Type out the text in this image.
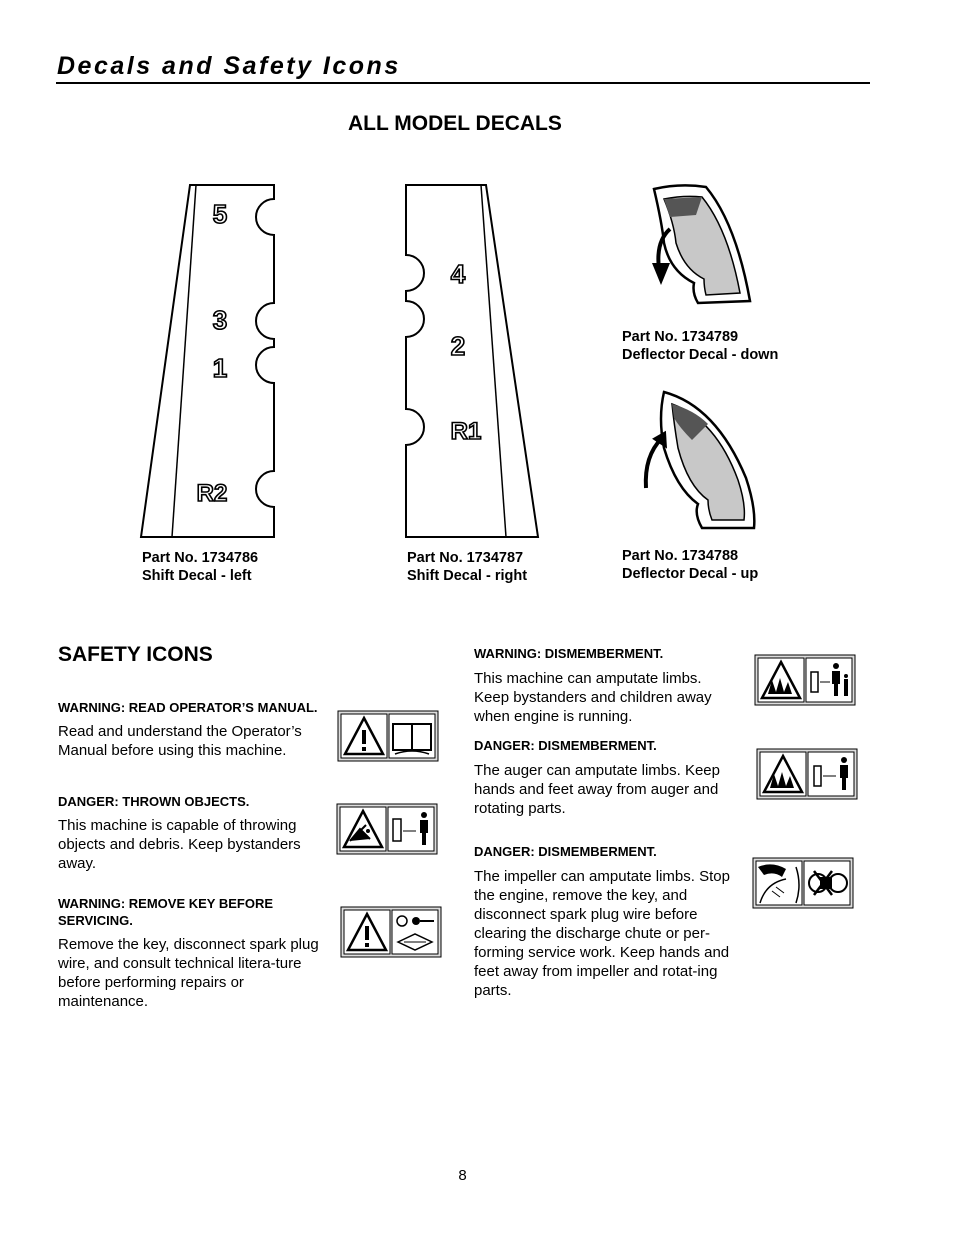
Decals and Safety Icons
ALL MODEL DECALS
5
3
1
R2
4
2
R1
Part No. 1734789
Deflector Decal - down
Part No. 1734786
Shift Decal - left
Part No. 1734787
Shift Decal - right
Part No. 1734788
Deflector Decal - up
SAFETY ICONS
WARNING: READ OPERATOR’S MANUAL.
Read and understand the Operator’s Manual before using this machine.
DANGER: THROWN OBJECTS.
This machine is capable of throwing objects and debris. Keep bystanders away.
WARNING: REMOVE KEY BEFORE SERVICING.
Remove the key, disconnect spark plug wire, and consult technical litera-ture before performing repairs or maintenance.
WARNING: DISMEMBERMENT.
This machine can amputate limbs. Keep bystanders and children away when engine is running.
DANGER: DISMEMBERMENT.
The auger can amputate limbs. Keep hands and feet away from auger and rotating parts.
DANGER: DISMEMBERMENT.
The impeller can amputate limbs. Stop the engine, remove the key, and disconnect spark plug wire before clearing the discharge chute or per-forming service work. Keep hands and feet away from impeller and rotat-ing parts.
8
